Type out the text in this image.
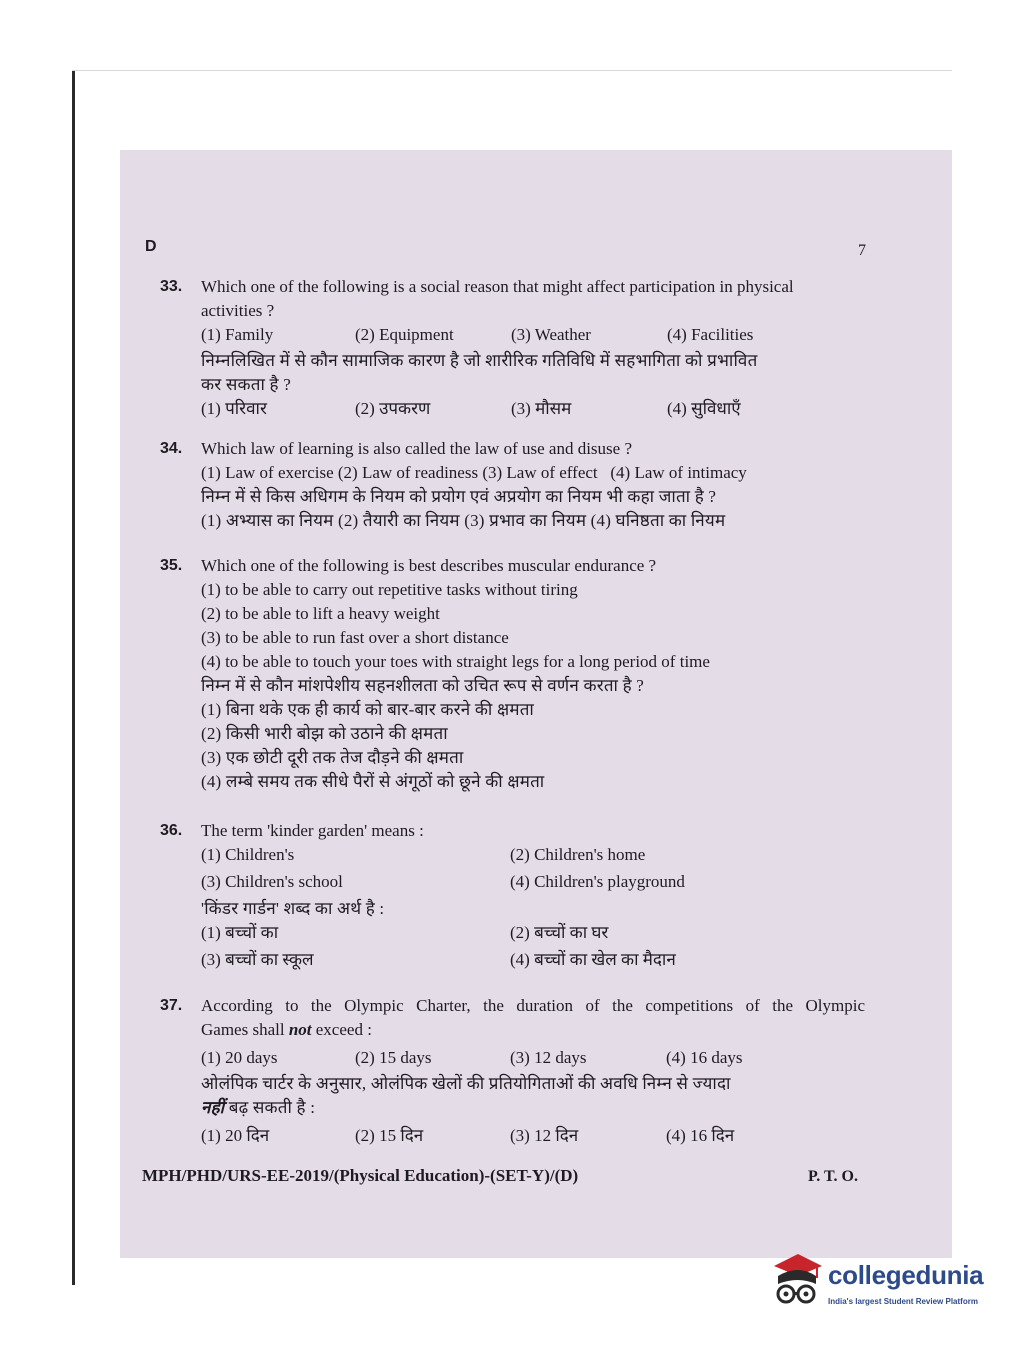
D	7
33. Which one of the following is a social reason that might affect participation in physical
activities ?
(1) Family	(2) Equipment	(3) Weather	(4) Facilities
निम्नलिखित में से कौन सामाजिक कारण है जो शारीरिक गतिविधि में सहभागिता को प्रभावित
कर सकता है ?
(1) परिवार	(2) उपकरण	(3) मौसम	(4) सुविधाएँ
34. Which law of learning is also called the law of use and disuse ?
(1) Law of exercise (2) Law of readiness (3) Law of effect   (4) Law of intimacy
निम्न में से किस अधिगम के नियम को प्रयोग एवं अप्रयोग का नियम भी कहा जाता है ?
(1) अभ्यास का नियम (2) तैयारी का नियम (3) प्रभाव का नियम (4) घनिष्ठता का नियम
35. Which one of the following is best describes muscular endurance ?
(1) to be able to carry out repetitive tasks without tiring
(2) to be able to lift a heavy weight
(3) to be able to run fast over a short distance
(4) to be able to touch your toes with straight legs for a long period of time
निम्न में से कौन मांशपेशीय सहनशीलता को उचित रूप से वर्णन करता है ?
(1) बिना थके एक ही कार्य को बार-बार करने की क्षमता
(2) किसी भारी बोझ को उठाने की क्षमता
(3) एक छोटी दूरी तक तेज दौड़ने की क्षमता
(4) लम्बे समय तक सीधे पैरों से अंगूठों को छूने की क्षमता
36. The term 'kinder garden' means :
(1) Children's	(2) Children's home
(3) Children's school	(4) Children's playground
'किंडर गार्डन' शब्द का अर्थ है :
(1) बच्चों का	(2) बच्चों का घर
(3) बच्चों का स्कूल	(4) बच्चों का खेल का मैदान
37. According to the Olympic Charter, the duration of the competitions of the Olympic
Games shall not exceed :
(1) 20 days	(2) 15 days	(3) 12 days	(4) 16 days
ओलंपिक चार्टर के अनुसार, ओलंपिक खेलों की प्रतियोगिताओं की अवधि निम्न से ज्यादा
नहीं बढ़ सकती है :
(1) 20 दिन	(2) 15 दिन	(3) 12 दिन	(4) 16 दिन
MPH/PHD/URS-EE-2019/(Physical Education)-(SET-Y)/(D)	P. T. O.
collegedunia
India's largest Student Review Platform
